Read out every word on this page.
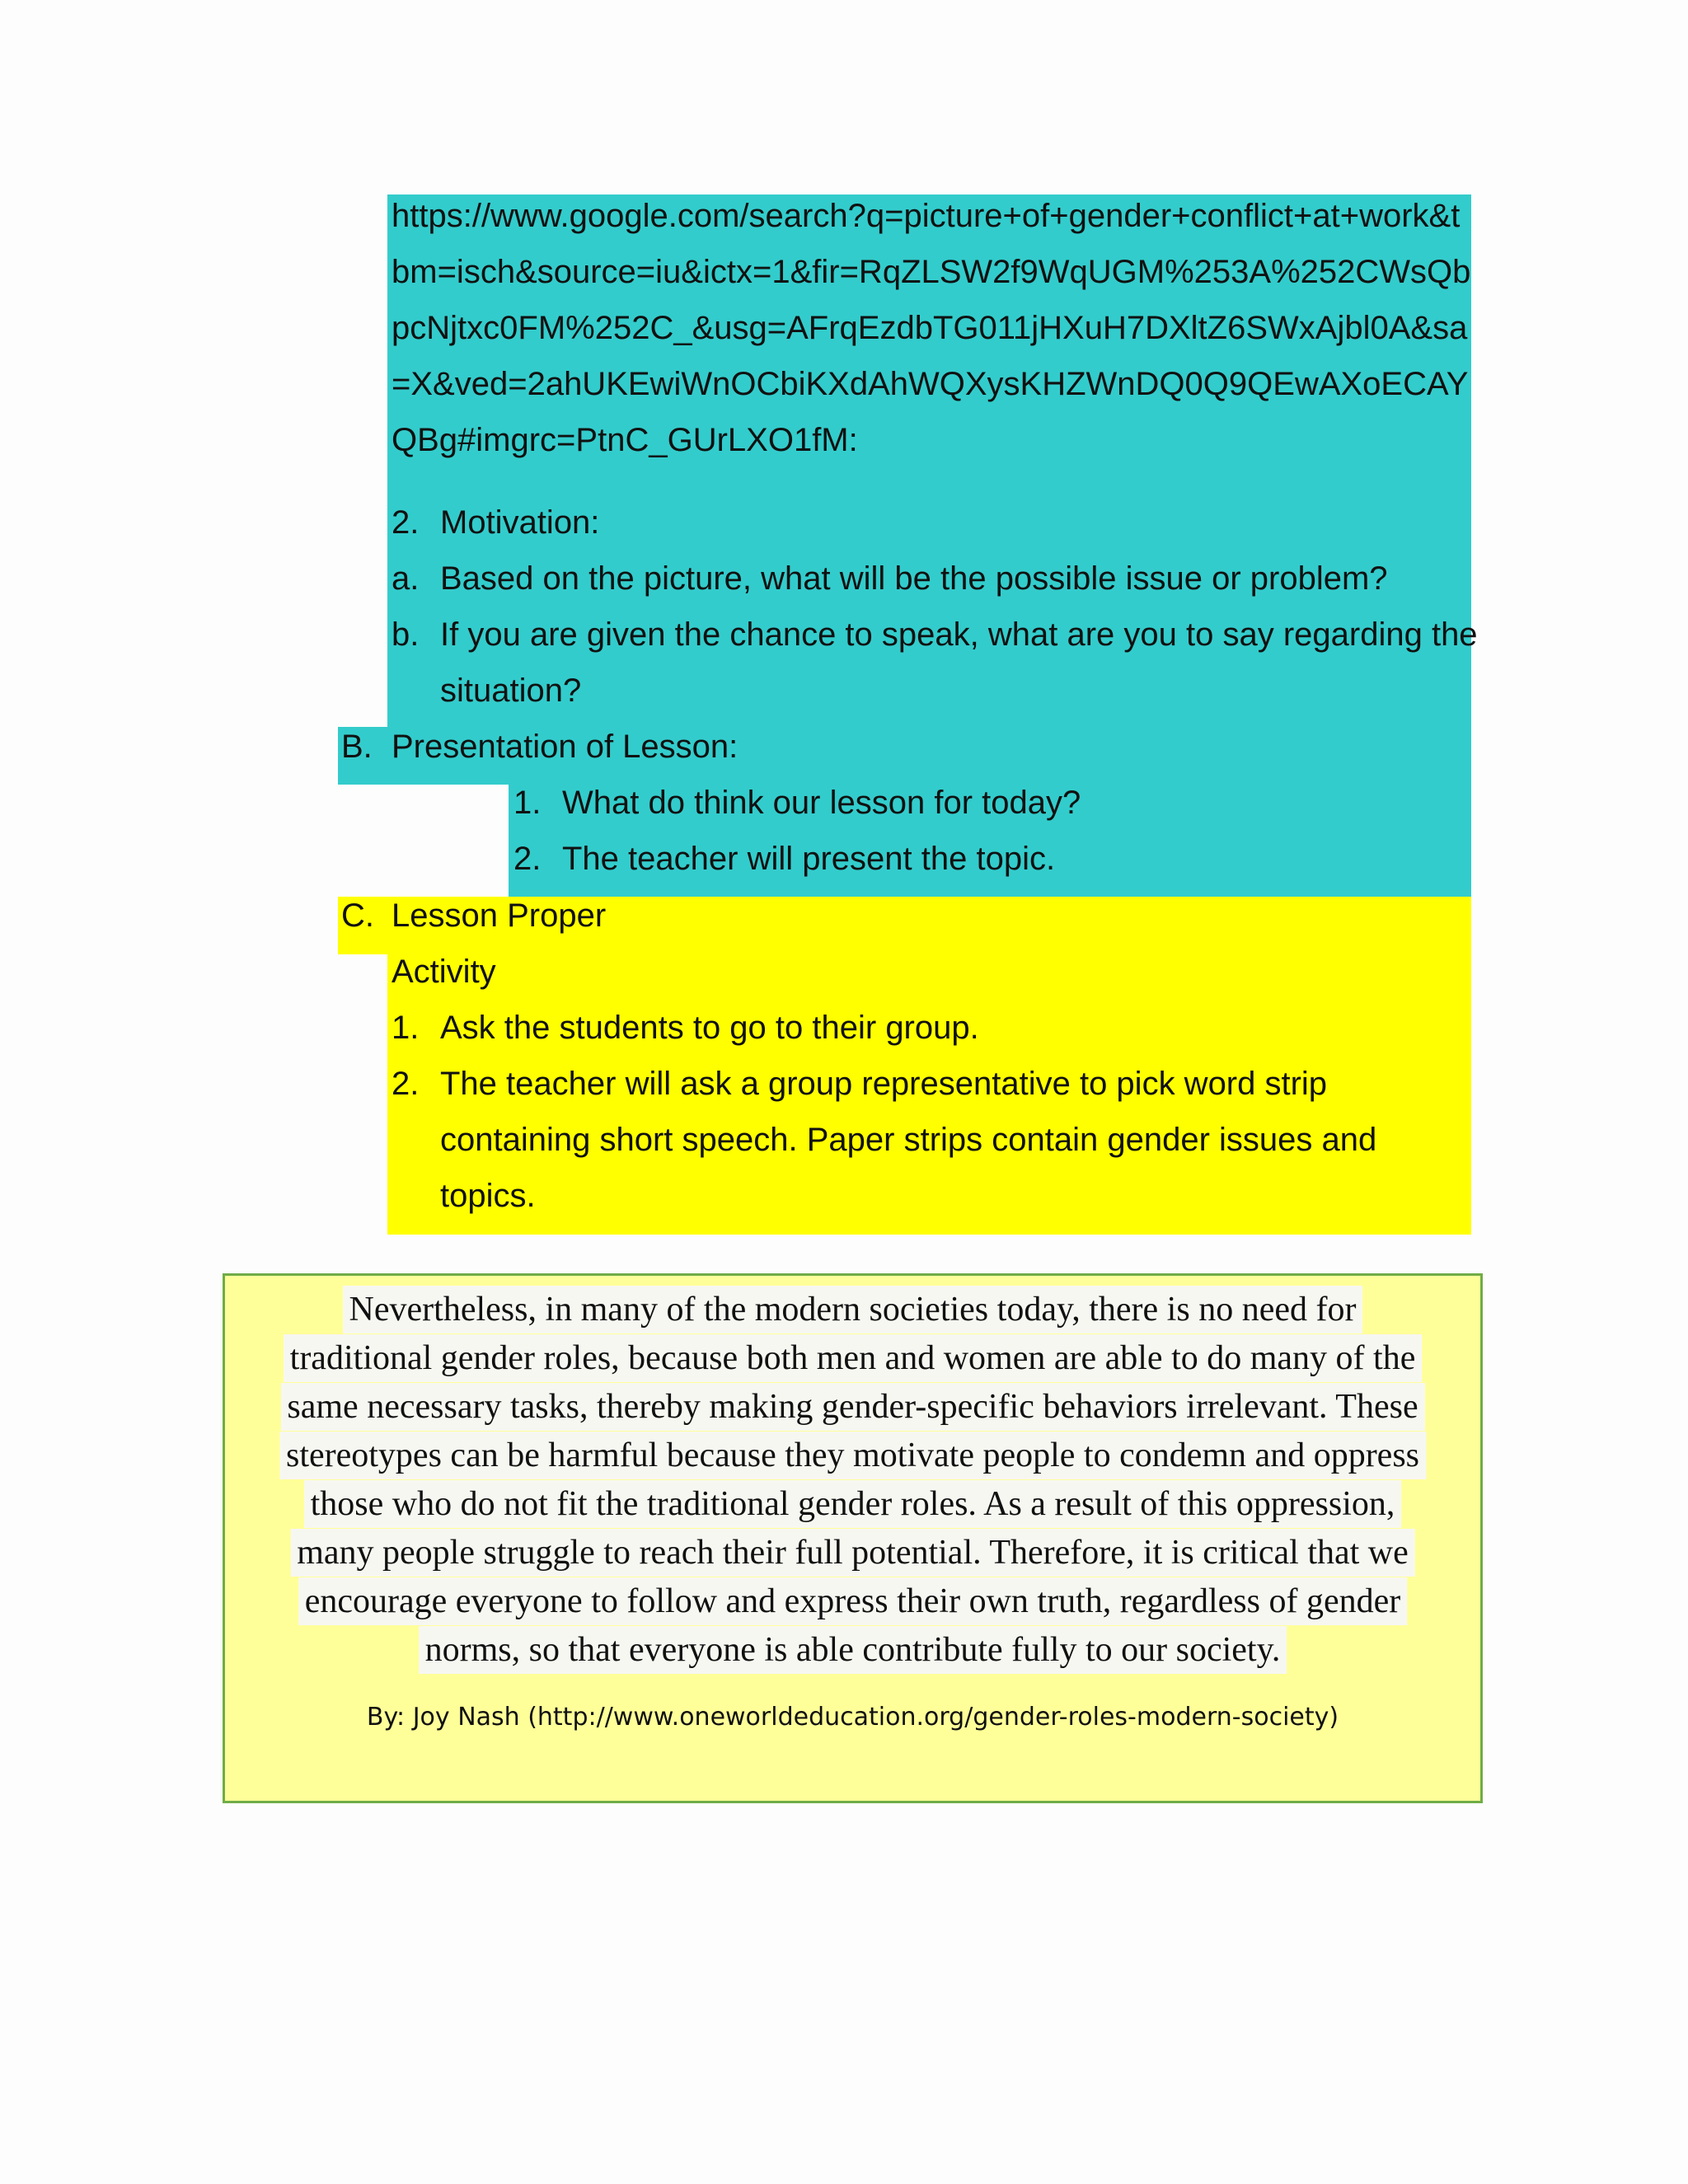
https://www.google.com/search?q=picture+of+gender+conflict+at+work&t
bm=isch&source=iu&ictx=1&fir=RqZLSW2f9WqUGM%253A%252CWsQb
pcNjtxc0FM%252C_&usg=AFrqEzdbTG011jHXuH7DXltZ6SWxAjbl0A&sa
=X&ved=2ahUKEwiWnOCbiKXdAhWQXysKHZWnDQ0Q9QEwAXoECAY
QBg#imgrc=PtnC_GUrLXO1fM:
2. Motivation:
a. Based on the picture, what will be the possible issue or problem?
b. If you are given the chance to speak, what are you to say regarding the
situation?
B. Presentation of Lesson:
1. What do think our lesson for today?
2. The teacher will present the topic.
C. Lesson Proper
Activity
1. Ask the students to go to their group.
2. The teacher will ask a group representative to pick word strip
containing short speech. Paper strips contain gender issues and
topics.
Nevertheless, in many of the modern societies today, there is no need for
traditional gender roles, because both men and women are able to do many of the
same necessary tasks, thereby making gender-specific behaviors irrelevant. These
stereotypes can be harmful because they motivate people to condemn and oppress
those who do not fit the traditional gender roles. As a result of this oppression,
many people struggle to reach their full potential. Therefore, it is critical that we
encourage everyone to follow and express their own truth, regardless of gender
norms, so that everyone is able contribute fully to our society.
By: Joy Nash (http://www.oneworldeducation.org/gender-roles-modern-society)
